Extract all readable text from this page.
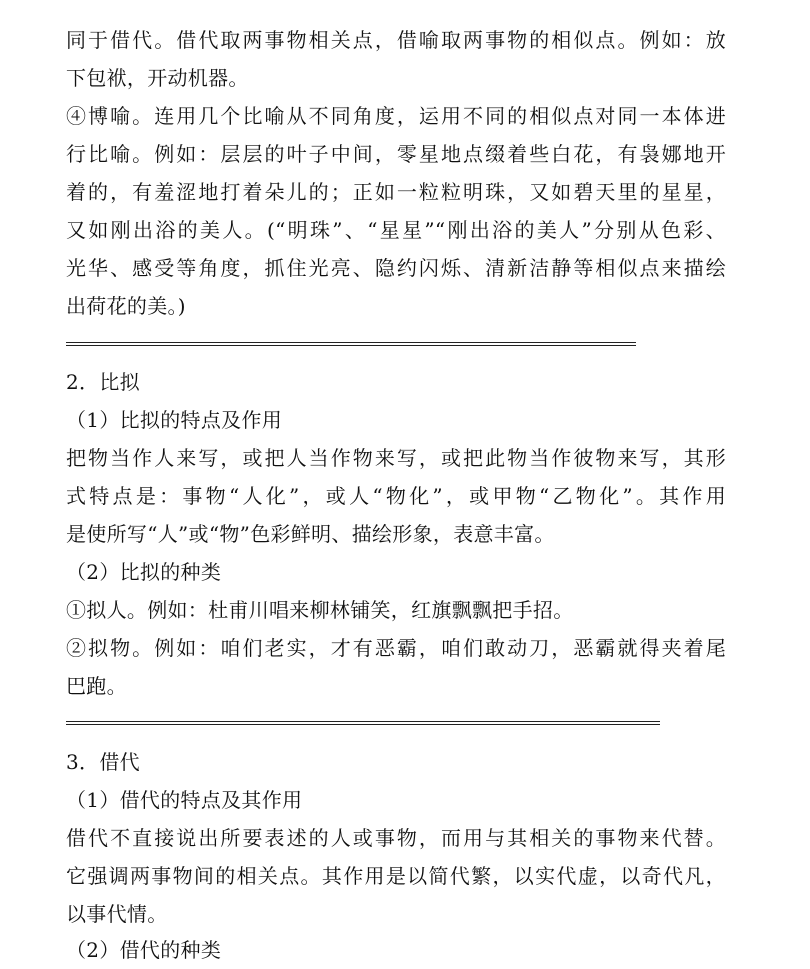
同于借代。借代取两事物相关点，借喻取两事物的相似点。例如：放
下包袱，开动机器。
④博喻。连用几个比喻从不同角度，运用不同的相似点对同一本体进
行比喻。例如：层层的叶子中间，零星地点缀着些白花，有袅娜地开
着的，有羞涩地打着朵儿的；正如一粒粒明珠，又如碧天里的星星，
又如刚出浴的美人。(“明珠”、“星星”“刚出浴的美人”分别从色彩、
光华、感受等角度，抓住光亮、隐约闪烁、清新洁静等相似点来描绘
出荷花的美。)
2．比拟
（1）比拟的特点及作用
把物当作人来写，或把人当作物来写，或把此物当作彼物来写，其形
式特点是：事物“人化”，或人“物化”，或甲物“乙物化”。其作用
是使所写“人”或“物”色彩鲜明、描绘形象，表意丰富。
（2）比拟的种类
①拟人。例如：杜甫川唱来柳林铺笑，红旗飘飘把手招。
②拟物。例如：咱们老实，才有恶霸，咱们敢动刀，恶霸就得夹着尾
巴跑。
3．借代
（1）借代的特点及其作用
借代不直接说出所要表述的人或事物，而用与其相关的事物来代替。
它强调两事物间的相关点。其作用是以简代繁，以实代虚，以奇代凡，
以事代情。
（2）借代的种类
